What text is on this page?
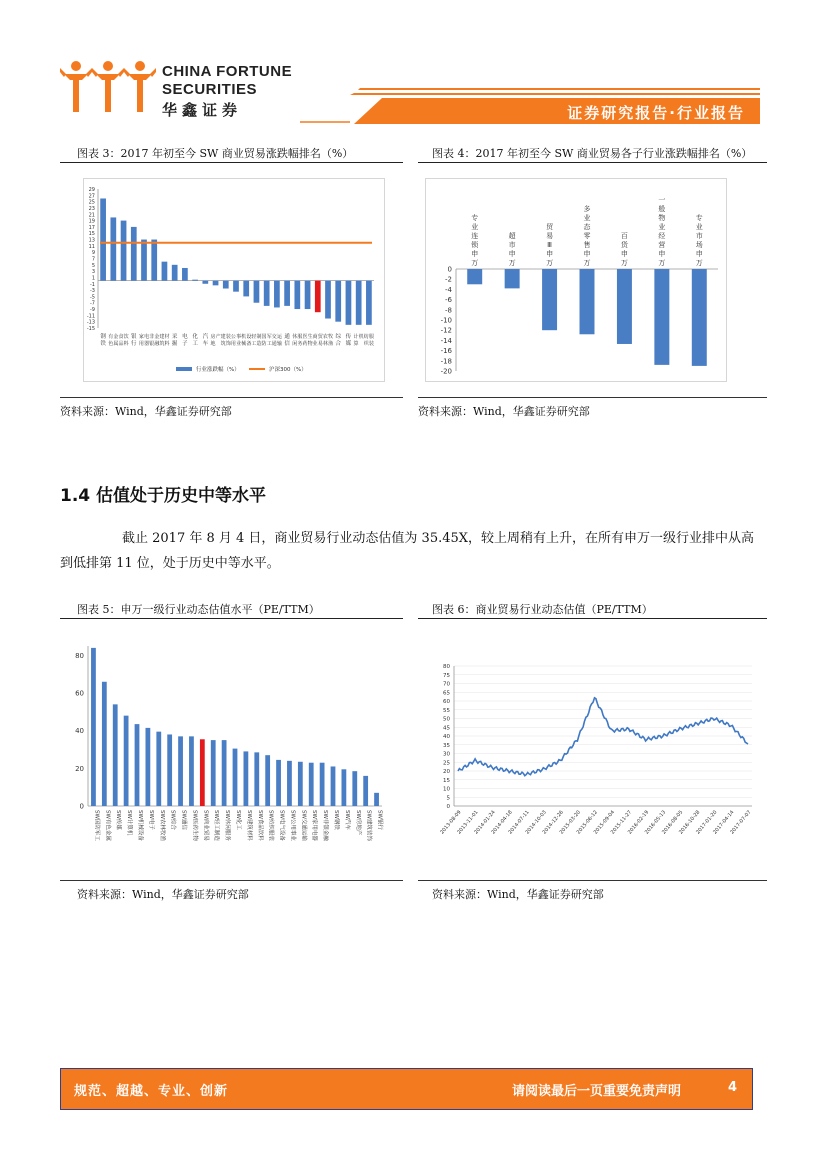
CHINA FORTUNE
SECURITIES
华鑫证券	证券研究报告·行业报告
图表 3：2017 年初至今 SW 商业贸易涨跌幅排名（%）
29
27
25
23
21
19
17
15
13
11
9
7
5
3
1
-1
-3
-5
-7
-9
-11
-13
-15
钢
铁
有
色
金
属
食
品
饮
料
银
行
家
用
电
器
非
银
金
融
建
筑
材
料
采
掘
电
子
化
工
汽
车
房
地
产 建
筑
装
饰
公
用
事
业
机
械
设
备
轻
工
制
造
国
防
军
工
交
通
运
输
通
信
休
闲
服
务
医
药
生
物
商
业
贸
易
农
林
牧
渔
综
合
传
媒
计
算
机 纺
织
服
装
行业涨跌幅（%）	沪深300（%）
资料来源：Wind，华鑫证券研究部
图表 4：2017 年初至今 SW 商业贸易各子行业涨跌幅排名（%）
0
-2
-4
-6
-8
-10
-12
-14
-16
-18
-20
专
业
连
锁
申
万
超
市
申
万
贸
易
Ⅲ
申
万
多
业
态
零
售
申
万
百
货
申
万
一
般
物
业
经
营
申
万
专
业
市
场
申
万
资料来源：Wind，华鑫证券研究部
1.4 估值处于历史中等水平
截止 2017 年 8 月 4 日，商业贸易行业动态估值为 35.45X，较上周稍有上升，在所有申万一级行业排中从高到低排第 11 位，处于历史中等水平。
图表 5：申万一级行业动态估值水平（PE/TTM）
0
20
40
60
80
SW国防军工 SW有色金属 SW传媒 SW计算机 SW机械设备 SW电子 SW农林牧渔 SW综合 SW通信 SW医药生物 SW商业贸易 SW轻工制造 SW休闲服务 SW化工 SW建筑材料 SW食品饮料 SW纺织服装 SW电气设备 SW公用事业 SW交通运输 SW家用电器 SW非银金融 SW钢铁 SW汽车 SW房地产 SW建筑装饰 SW银行
资料来源：Wind，华鑫证券研究部
图表 6：商业贸易行业动态估值（PE/TTM）
0
5
10
15
20
25
30
35
40
45
50
55
60
65
70
75
80
2013-08-09
2013-11-01
2014-01-24
2014-04-18
2014-07-11
2014-10-03
2014-12-26
2015-03-20
2015-06-12
2015-09-04
2015-11-27
2016-02-19
2016-05-13
2016-08-05
2016-10-28
2017-01-20
2017-04-14
2017-07-07
资料来源：Wind，华鑫证券研究部
规范、超越、专业、创新	请阅读最后一页重要免责声明	4
